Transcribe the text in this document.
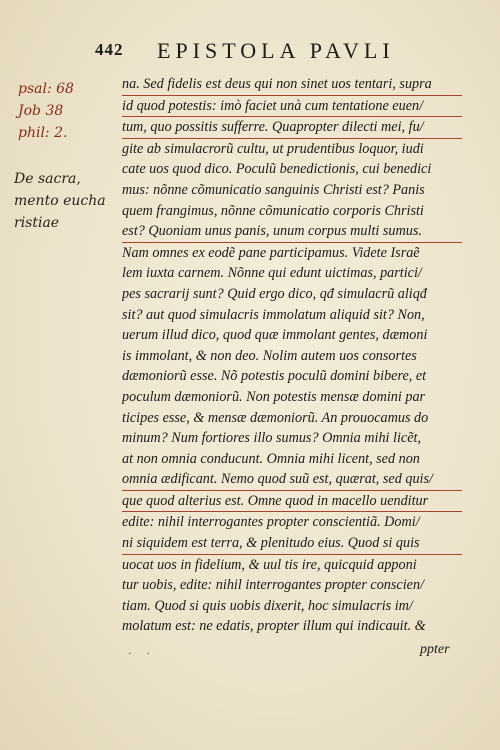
442 EPISTOLA PAVLI
psal: 68
Job 38
phil: 2.
De sacra,
mento eucha
ristiae
na. Sed fidelis est deus qui non sinet uos tentari, supra
id quod potestis: imò faciet unà cum tentatione euen/
tum, quo possitis sufferre. Quapropter dilecti mei, fu/
gite ab simulacrorũ cultu, ut prudentibus loquor, iudi
cate uos quod dico. Poculũ benedictionis, cui benedici
mus: nõnne cõmunicatio sanguinis Christi est? Panis
quem frangimus, nõnne cõmunicatio corporis Christi
est? Quoniam unus panis, unum corpus multi sumus.
Nam omnes ex eodẽ pane participamus. Videte Israẽ
lem iuxta carnem. Nõnne qui edunt uictimas, partici/
pes sacrarij sunt? Quid ergo dico, qđ simulacrũ aliqđ
sit? aut quod simulacris immolatum aliquid sit? Non,
uerum illud dico, quod quæ immolant gentes, dæmoni
is immolant, & non deo. Nolim autem uos consortes
dæmoniorũ esse. Nõ potestis poculũ domini bibere, et
poculum dæmoniorũ. Non potestis mensæ domini par
ticipes esse, & mensæ dæmoniorũ. An prouocamus do
minum? Num fortiores illo sumus? Omnia mihi licẽt,
at non omnia conducunt. Omnia mihi licent, sed non
omnia ædificant. Nemo quod suũ est, quærat, sed quis/
que quod alterius est. Omne quod in macello uenditur
edite: nihil interrogantes propter conscientiã. Domi/
ni siquidem est terra, & plenitudo eius. Quod si quis
uocat uos in fidelium, & uul tis ire, quicquid apponi
tur uobis, edite: nihil interrogantes propter conscien/
tiam. Quod si quis uobis dixerit, hoc simulacris im/
molatum est: ne edatis, propter illum qui indicauit. &
· ·	ppter
